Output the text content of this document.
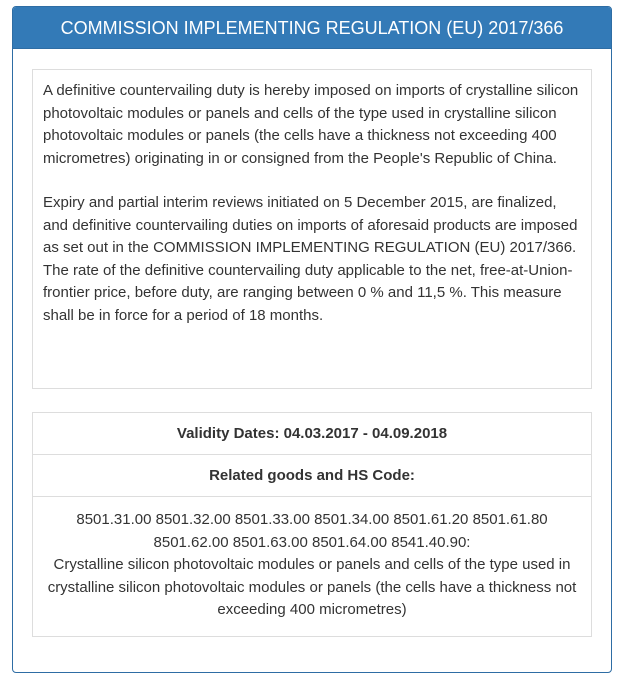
COMMISSION IMPLEMENTING REGULATION (EU) 2017/366

A definitive countervailing duty is hereby imposed on imports of crystalline silicon photovoltaic modules or panels and cells of the type used in crystalline silicon photovoltaic modules or panels (the cells have a thickness not exceeding 400 micrometres) originating in or consigned from the People's Republic of China.

Expiry and partial interim reviews initiated on 5 December 2015, are finalized, and definitive countervailing duties on imports of aforesaid products are imposed as set out in the COMMISSION IMPLEMENTING REGULATION (EU) 2017/366. The rate of the definitive countervailing duty applicable to the net, free-at-Union-frontier price, before duty, are ranging between 0 % and 11,5 %. This measure shall be in force for a period of 18 months.

Validity Dates: 04.03.2017 - 04.09.2018
Related goods and HS Code:
8501.31.00 8501.32.00 8501.33.00 8501.34.00 8501.61.20 8501.61.80 8501.62.00 8501.63.00 8501.64.00 8541.40.90:
Crystalline silicon photovoltaic modules or panels and cells of the type used in crystalline silicon photovoltaic modules or panels (the cells have a thickness not exceeding 400 micrometres)
